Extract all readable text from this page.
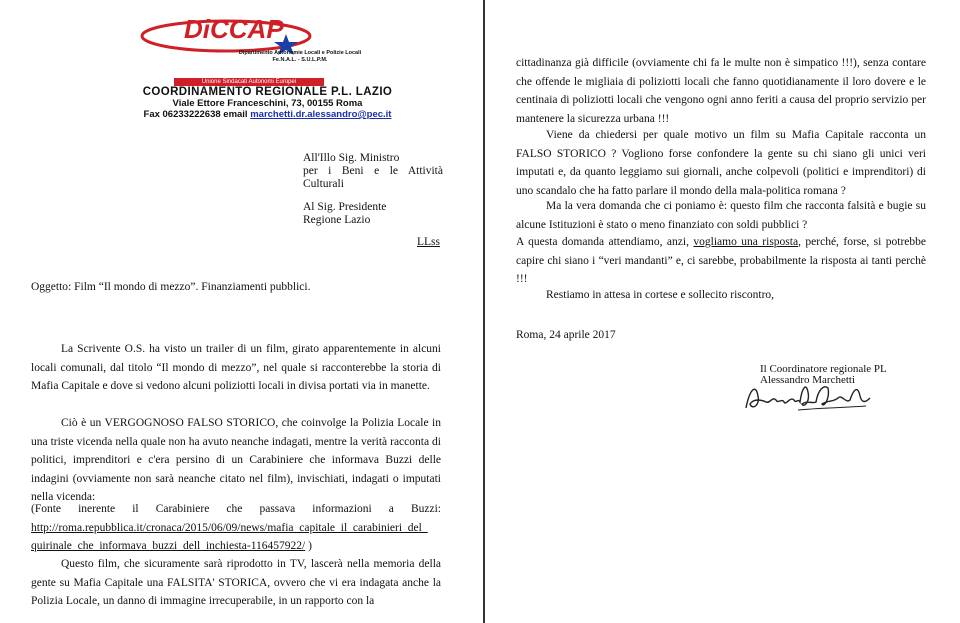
DiCCAP
Dipartimento Autonomie Locali e Polizie Locali
Fe.N.A.L. - S.U.L.P.M.
Unione Sindacati Autonomi Europei
COORDINAMENTO REGIONALE P.L. LAZIO
Viale Ettore Franceschini, 73, 00155 Roma
Fax 06233222638 email marchetti.dr.alessandro@pec.it
All'Illo Sig. Ministro
per i Beni e le Attività
Culturali
Al Sig. Presidente
Regione Lazio
LLss
Oggetto: Film “Il mondo di mezzo”. Finanziamenti pubblici.
La Scrivente O.S. ha visto un trailer di un film, girato apparentemente in alcuni locali comunali, dal titolo “Il mondo di mezzo”, nel quale si racconterebbe la storia di Mafia Capitale e dove si vedono alcuni poliziotti locali in divisa portati via in manette.
Ciò è un VERGOGNOSO FALSO STORICO, che coinvolge la Polizia Locale in una triste vicenda nella quale non ha avuto neanche indagati, mentre la verità racconta di politici, imprenditori e c'era persino di un Carabiniere che informava Buzzi delle indagini (ovviamente non sarà neanche citato nel film), invischiati, indagati o imputati nella vicenda:
(Fonte inerente il Carabiniere che passava informazioni a Buzzi:
http://roma.repubblica.it/cronaca/2015/06/09/news/mafia_capitale_il_carabinieri_del_
quirinale_che_informava_buzzi_dell_inchiesta-116457922/ )
Questo film, che sicuramente sarà riprodotto in TV, lascerà nella memoria della gente su Mafia Capitale una FALSITA' STORICA, ovvero che vi era indagata anche la Polizia Locale, un danno di immagine irrecuperabile, in un rapporto con la
cittadinanza già difficile (ovviamente chi fa le multe non è simpatico !!!), senza contare che offende le migliaia di poliziotti locali che fanno quotidianamente il loro dovere e le centinaia di poliziotti locali che vengono ogni anno feriti a causa del proprio servizio per mantenere la sicurezza urbana !!!
Viene da chiedersi per quale motivo un film su Mafia Capitale racconta un FALSO STORICO ? Vogliono forse confondere la gente su chi siano gli unici veri imputati e, da quanto leggiamo sui giornali, anche colpevoli (politici e imprenditori) di uno scandalo che ha fatto parlare il mondo della mala-politica romana ?
Ma la vera domanda che ci poniamo è: questo film che racconta falsità e bugie su alcune Istituzioni è stato o meno finanziato con soldi pubblici ?
A questa domanda attendiamo, anzi, vogliamo una risposta, perché, forse, si potrebbe capire chi siano i “veri mandanti” e, ci sarebbe, probabilmente la risposta ai tanti perchè !!!
Restiamo in attesa in cortese e sollecito riscontro,
Roma, 24 aprile 2017
Il Coordinatore regionale PL
Alessandro Marchetti
